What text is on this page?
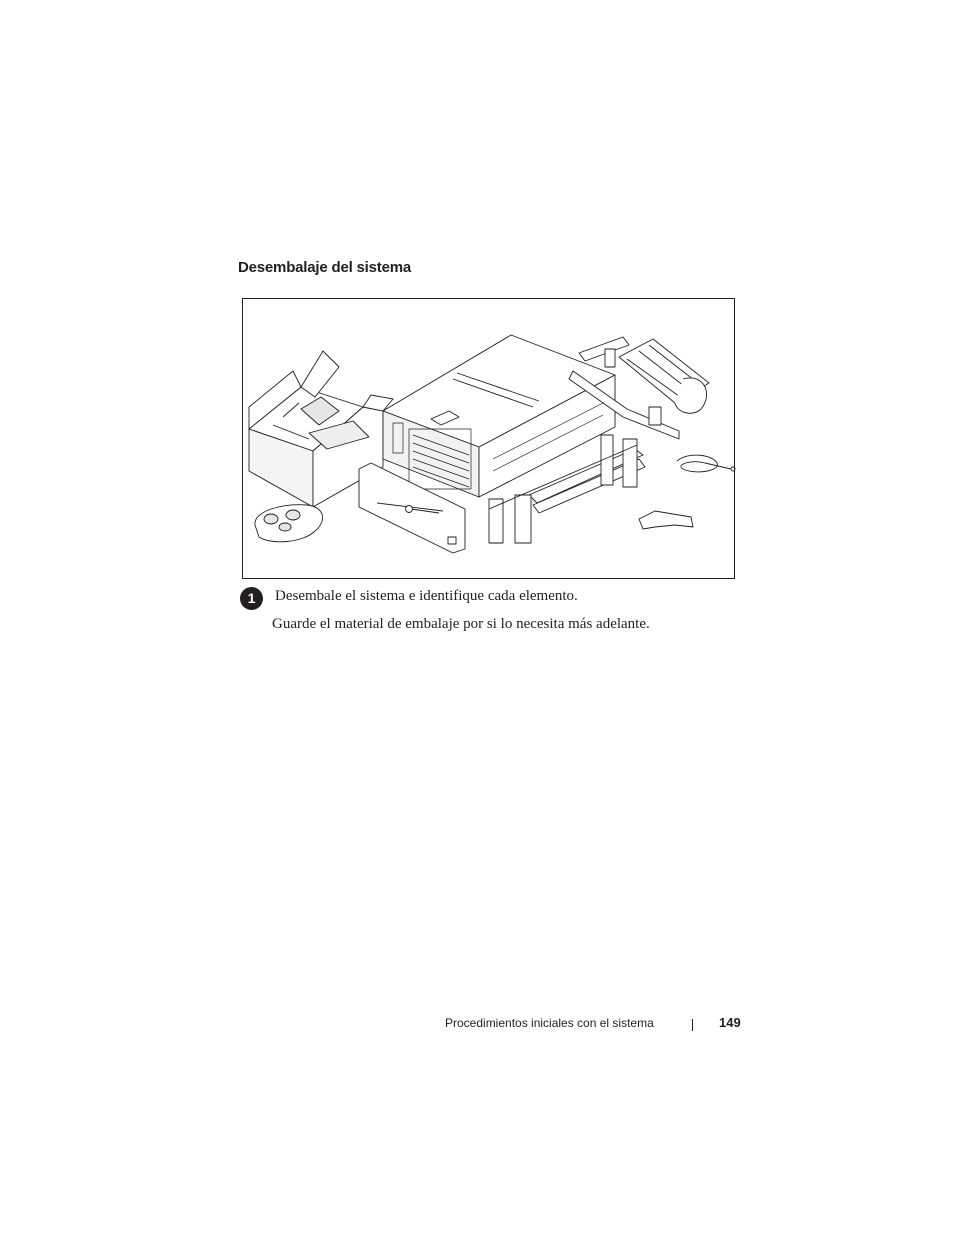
Desembalaje del sistema
1	Desembale el sistema e identifique cada elemento.
Guarde el material de embalaje por si lo necesita más adelante.
Procedimientos iniciales con el sistema	149
